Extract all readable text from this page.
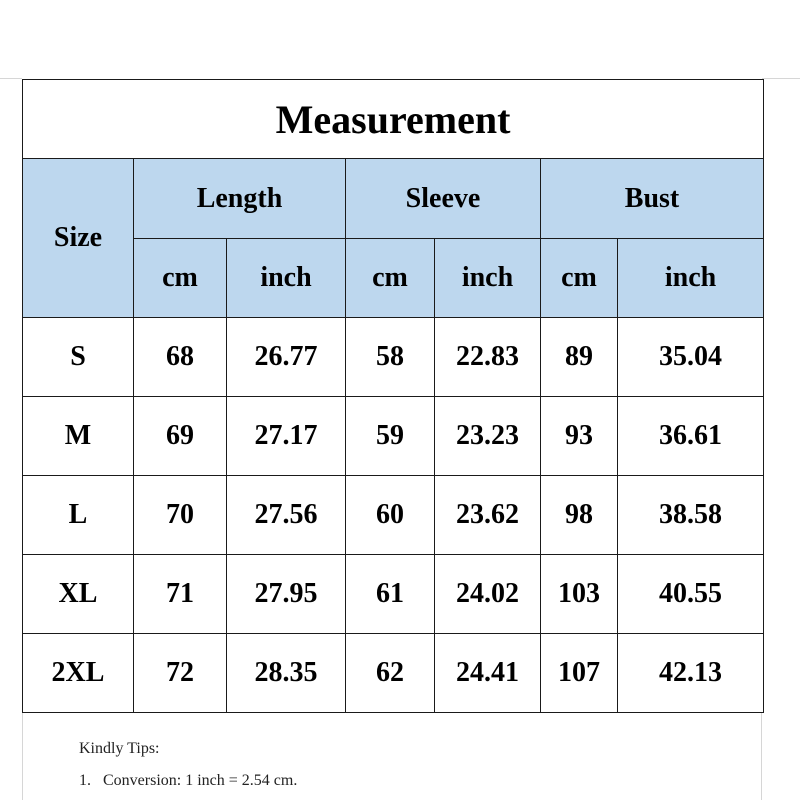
Measurement						
Size	Length		Sleeve		Bust	
	cm	inch	cm	inch	cm	inch
S	68	26.77	58	22.83	89	35.04
M	69	27.17	59	23.23	93	36.61
L	70	27.56	60	23.62	98	38.58
XL	71	27.95	61	24.02	103	40.55
2XL	72	28.35	62	24.41	107	42.13
Kindly Tips:
1. Conversion: 1 inch = 2.54 cm.
